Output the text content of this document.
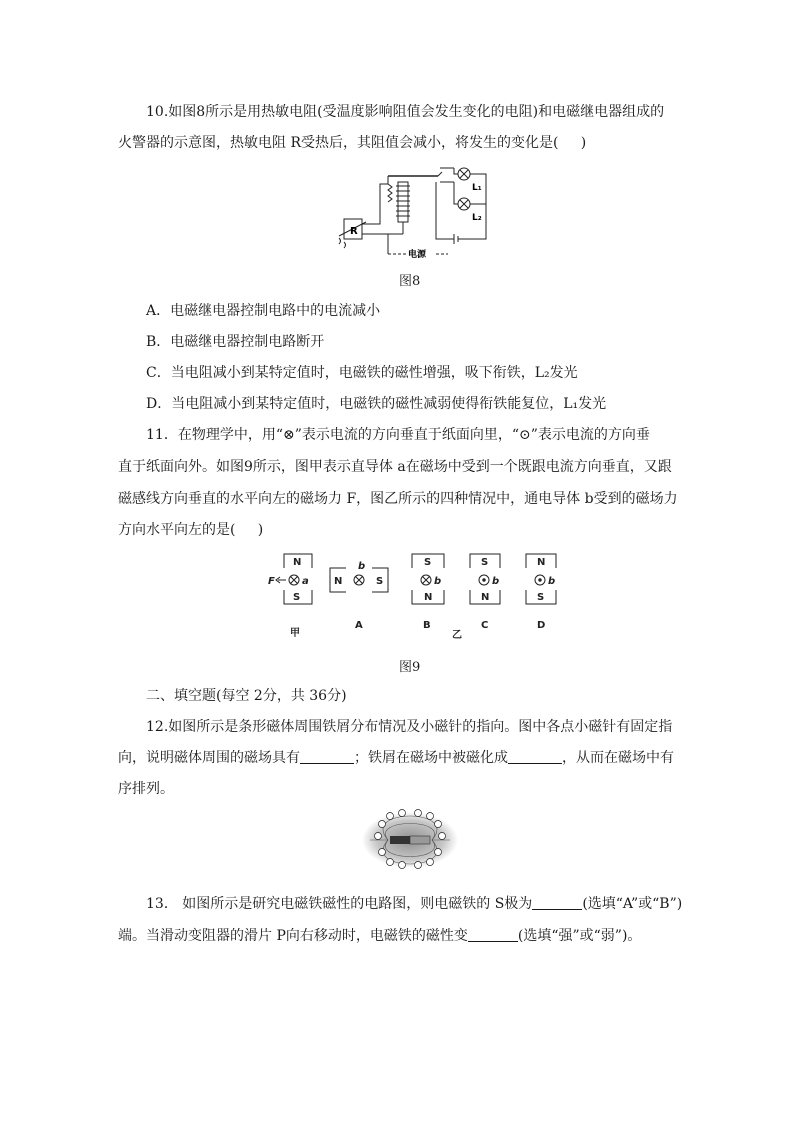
10.如图8所示是用热敏电阻(受温度影响阻值会发生变化的电阻)和电磁继电器组成的
火警器的示意图，热敏电阻 R受热后，其阻值会减小，将发生的变化是(     )
R
电源
L₁
L₂
图8
A．电磁继电器控制电路中的电流减小
B．电磁继电器控制电路断开
C．当电阻减小到某特定值时，电磁铁的磁性增强，吸下衔铁，L₂发光
D．当电阻减小到某特定值时，电磁铁的磁性减弱使得衔铁能复位，L₁发光
11．在物理学中，用“⊗”表示电流的方向垂直于纸面向里，“⊙”表示电流的方向垂
直于纸面向外。如图9所示，图甲表示直导体 a在磁场中受到一个既跟电流方向垂直，又跟
磁感线方向垂直的水平向左的磁场力 F，图乙所示的四种情况中，通电导体 b受到的磁场力
方向水平向左的是(     )
N
S
F	a	N	S
b	S
N
b
S
N
b
N
S
b
甲
A	B
乙
C	D
图9
二、填空题(每空 2分，共 36分)
12.如图所示是条形磁体周围铁屑分布情况及小磁针的指向。图中各点小磁针有固定指
向，说明磁体周围的磁场具有	；铁屑在磁场中被磁化成	，从而在磁场中有
序排列。
13． 如图所示是研究电磁铁磁性的电路图，则电磁铁的 S极为	(选填“A”或“B”)
端。当滑动变阻器的滑片 P向右移动时，电磁铁的磁性变	(选填“强”或“弱”)。
